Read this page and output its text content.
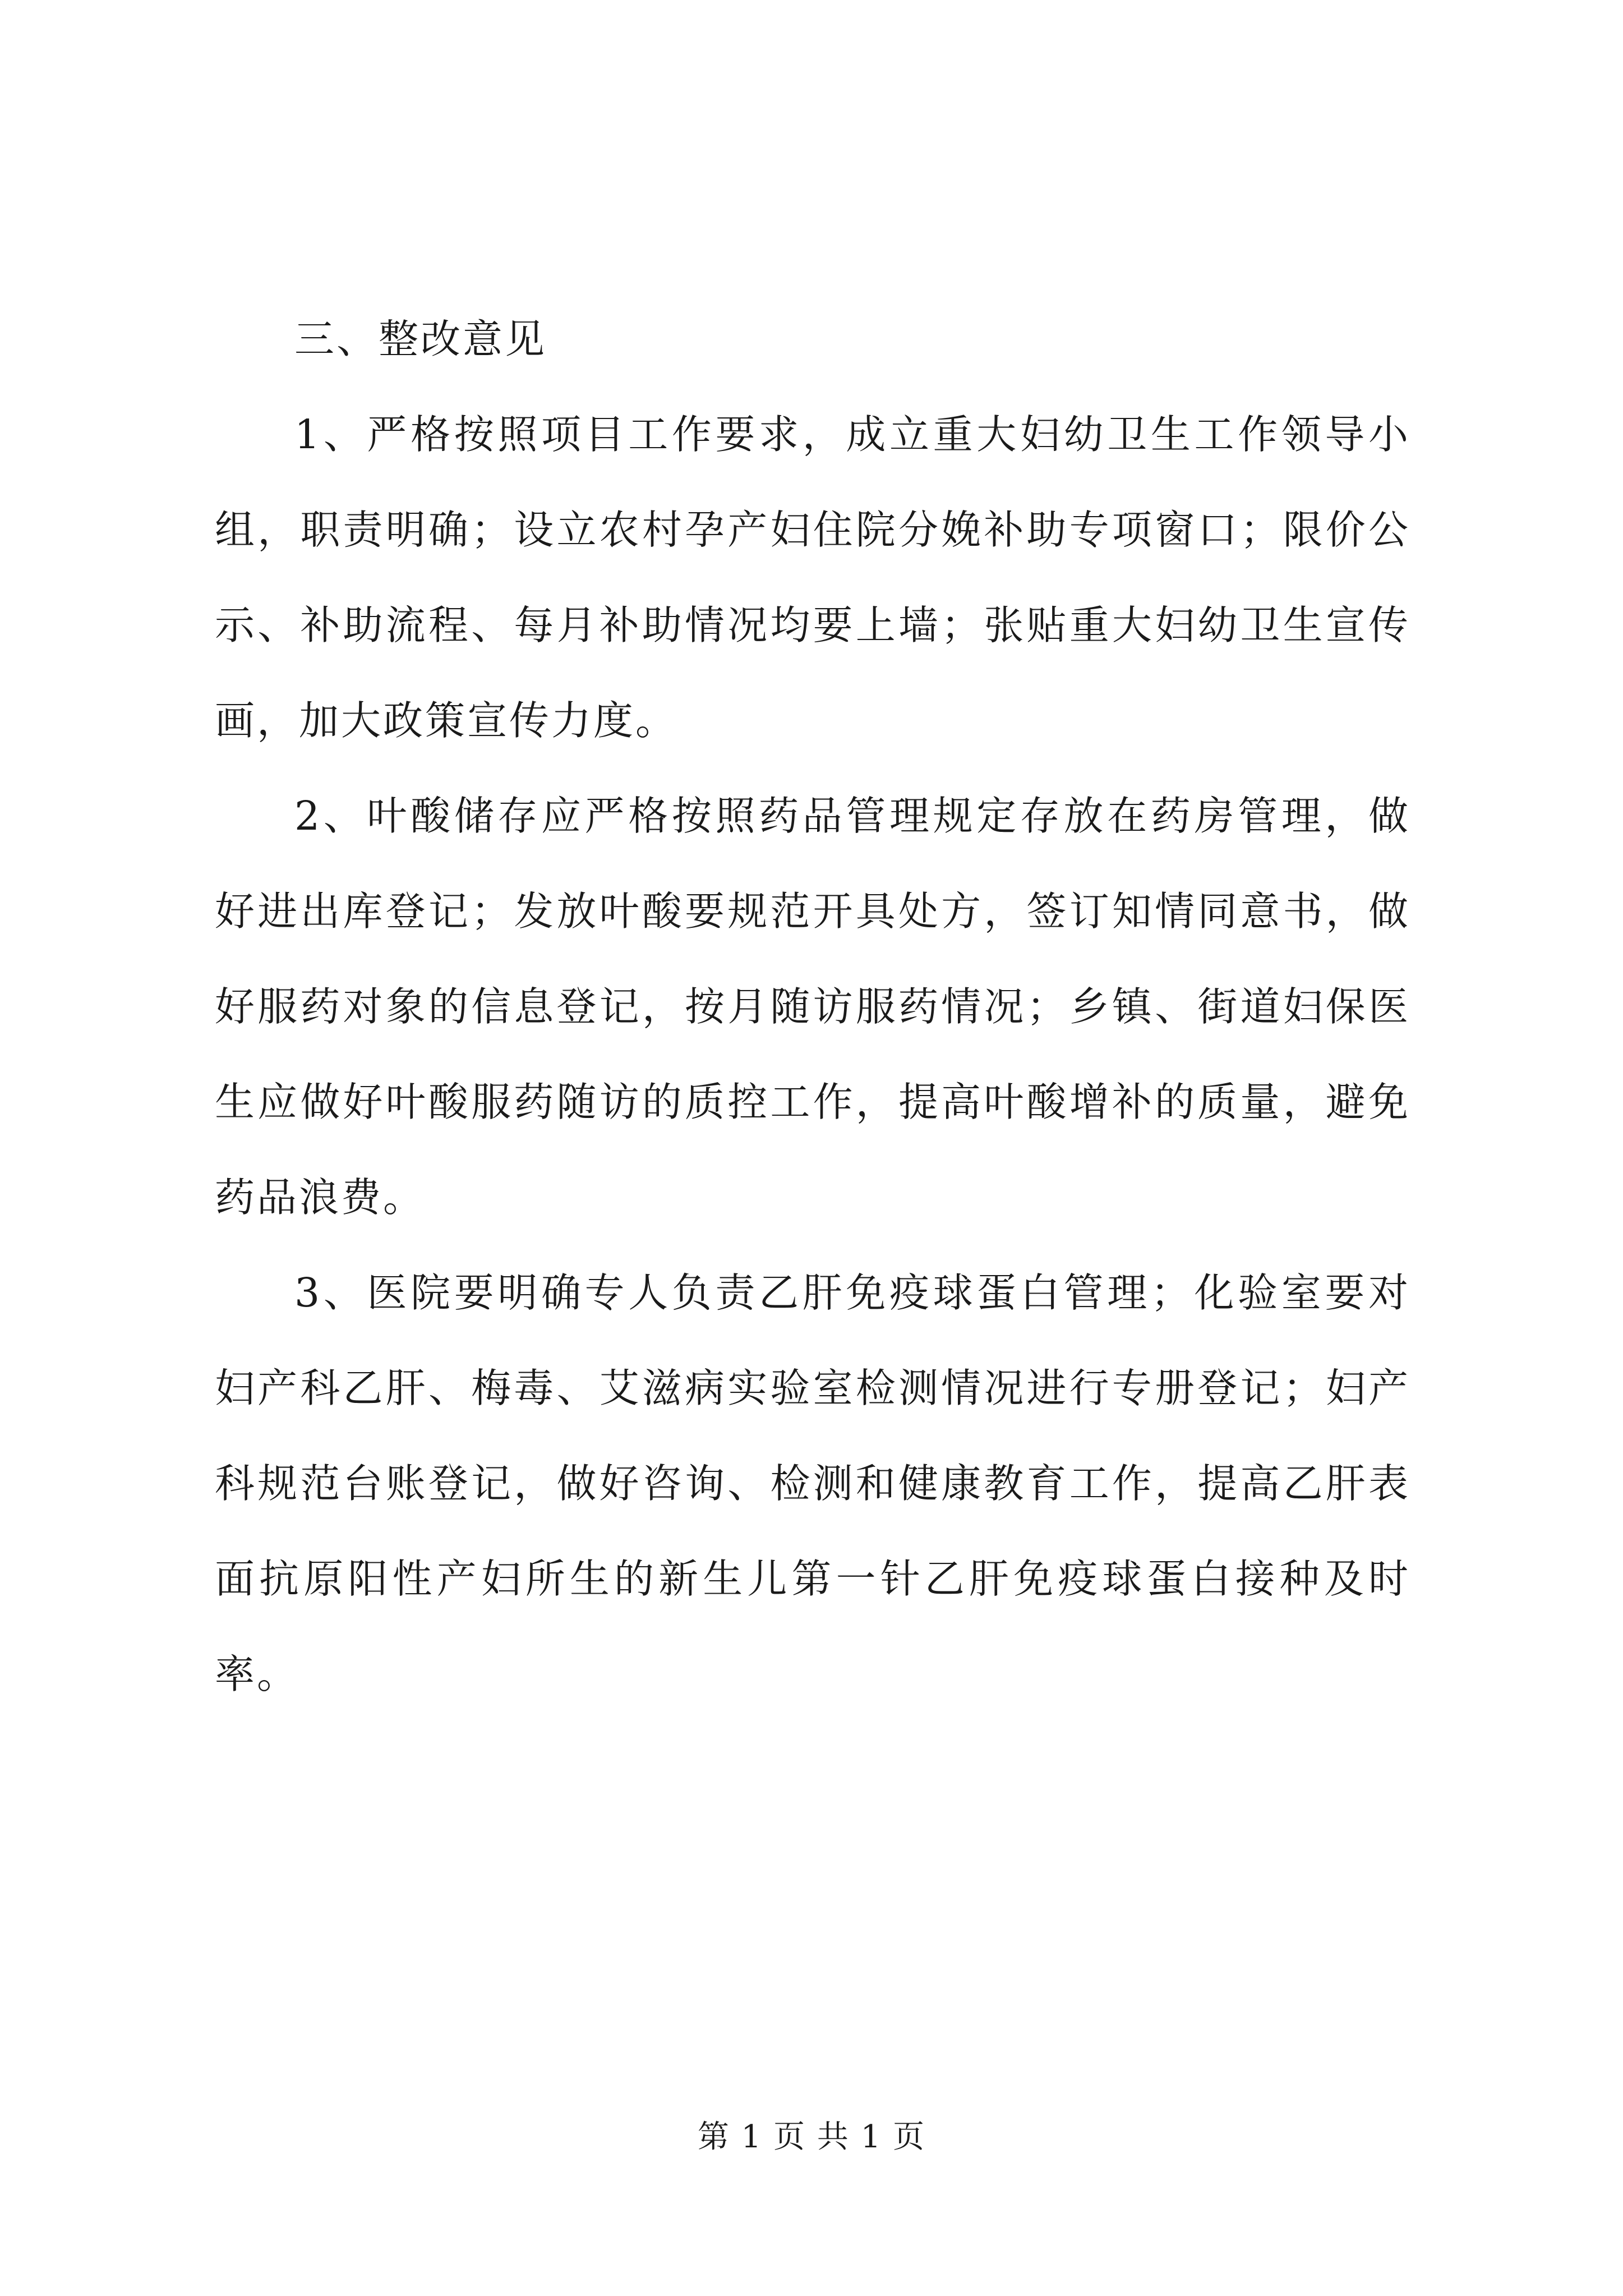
三、整改意见

1、严格按照项目工作要求，成立重大妇幼卫生工作领导小组，职责明确；设立农村孕产妇住院分娩补助专项窗口；限价公示、补助流程、每月补助情况均要上墙；张贴重大妇幼卫生宣传画，加大政策宣传力度。

2、叶酸储存应严格按照药品管理规定存放在药房管理，做好进出库登记；发放叶酸要规范开具处方，签订知情同意书，做好服药对象的信息登记，按月随访服药情况；乡镇、街道妇保医生应做好叶酸服药随访的质控工作，提高叶酸增补的质量，避免药品浪费。

3、医院要明确专人负责乙肝免疫球蛋白管理；化验室要对妇产科乙肝、梅毒、艾滋病实验室检测情况进行专册登记；妇产科规范台账登记，做好咨询、检测和健康教育工作，提高乙肝表面抗原阳性产妇所生的新生儿第一针乙肝免疫球蛋白接种及时率。

第 1 页 共 1 页
